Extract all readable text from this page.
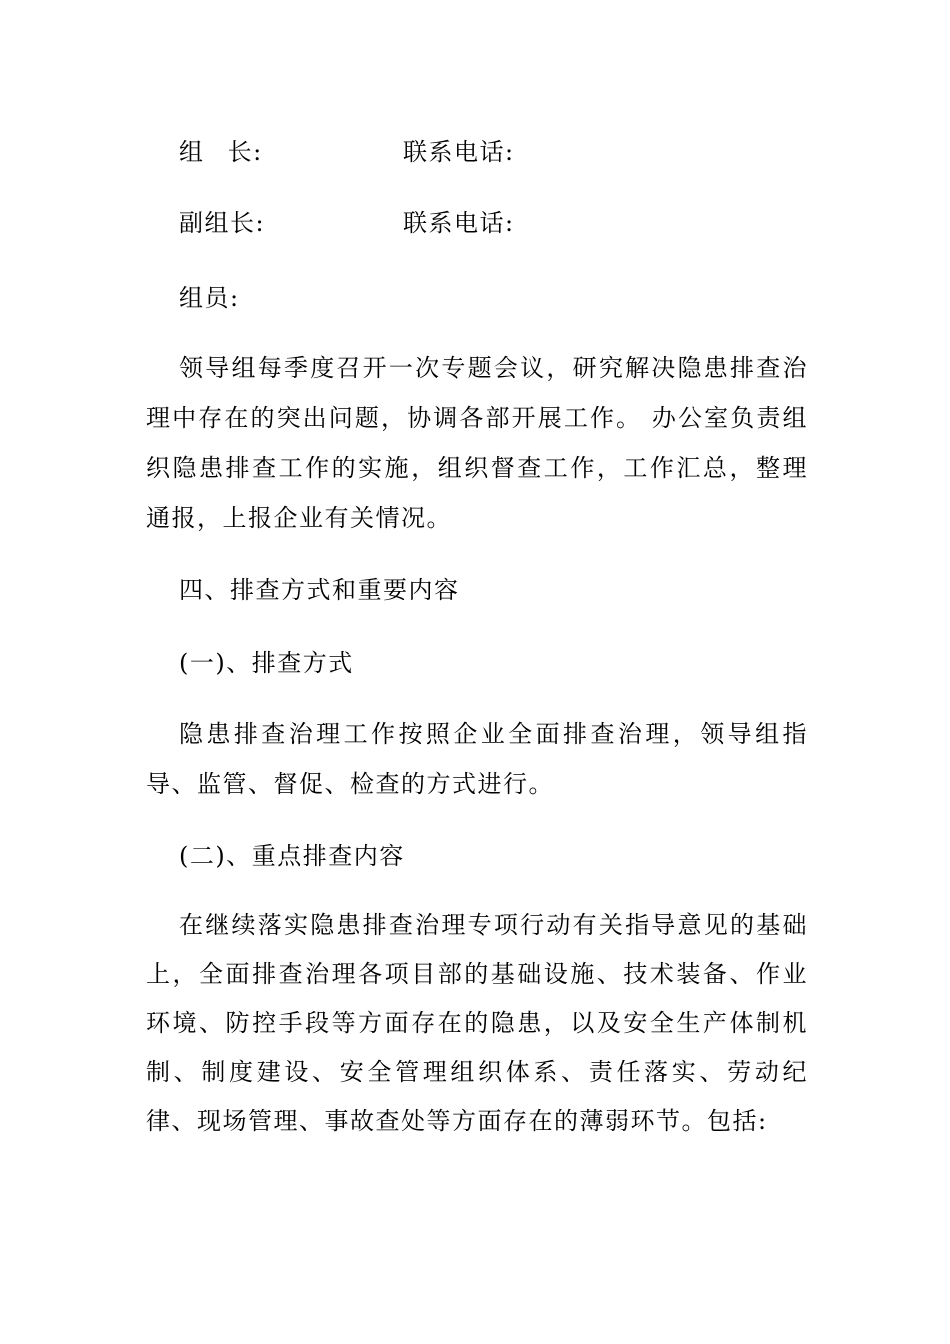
组 长:	联系电话:
副组长:	联系电话:
组员:
领导组每季度召开一次专题会议，研究解决隐患排查治理中存在的突出问题，协调各部开展工作。 办公室负责组织隐患排查工作的实施，组织督查工作，工作汇总，整理通报，上报企业有关情况。
四、排查方式和重要内容
(一)、排查方式
隐患排查治理工作按照企业全面排查治理，领导组指导、监管、督促、检查的方式进行。
(二)、重点排查内容
在继续落实隐患排查治理专项行动有关指导意见的基础上，全面排查治理各项目部的基础设施、技术装备、作业环境、防控手段等方面存在的隐患，以及安全生产体制机制、制度建设、安全管理组织体系、责任落实、劳动纪律、现场管理、事故查处等方面存在的薄弱环节。包括:
